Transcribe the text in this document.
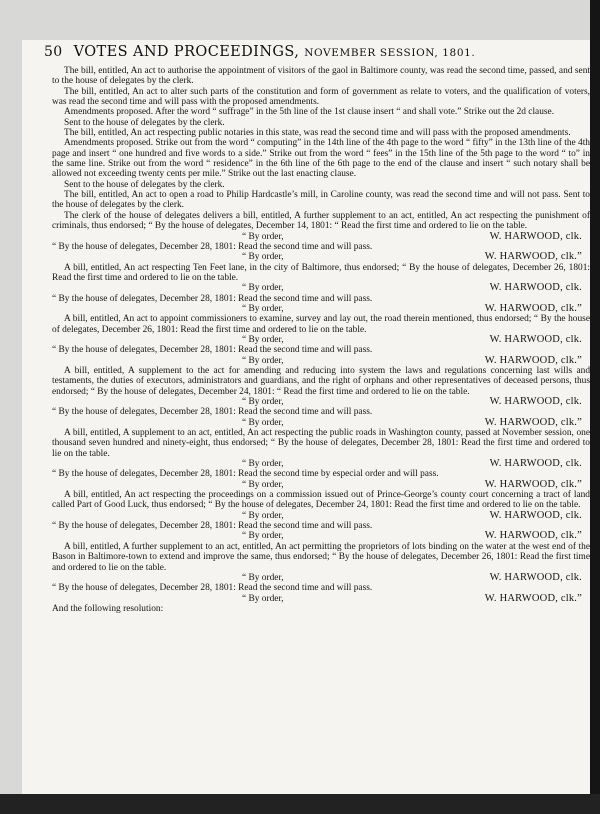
50 VOTES AND PROCEEDINGS, NOVEMBER SESSION, 1801.

The bill, entitled, An act to authorise the appointment of visitors of the gaol in Baltimore county, was read the second time, passed, and sent to the house of delegates by the clerk.

The bill, entitled, An act to alter such parts of the constitution and form of government as relate to voters, and the qualification of voters, was read the second time and will pass with the proposed amendments.

Amendments proposed. After the word “ suffrage” in the 5th line of the 1st clause insert “ and shall vote.” Strike out the 2d clause.

Sent to the house of delegates by the clerk.

The bill, entitled, An act respecting public notaries in this state, was read the second time and will pass with the proposed amendments.

Amendments proposed. Strike out from the word “ computing” in the 14th line of the 4th page to the word “ fifty” in the 13th line of the 4th page and insert “ one hundred and five words to a side.” Strike out from the word “ fees” in the 15th line of the 5th page to the word “ to” in the same line. Strike out from the word “ residence” in the 6th line of the 6th page to the end of the clause and insert “ such notary shall be allowed not exceeding twenty cents per mile.” Strike out the last enacting clause.

Sent to the house of delegates by the clerk.

The bill, entitled, An act to open a road to Philip Hardcastle’s mill, in Caroline county, was read the second time and will not pass. Sent to the house of delegates by the clerk.

The clerk of the house of delegates delivers a bill, entitled, A further supplement to an act, entitled, An act respecting the punishment of criminals, thus endorsed; “ By the house of delegates, December 14, 1801: “ Read the first time and ordered to lie on the table.

“ By order,	W. HARWOOD, clk.

“ By the house of delegates, December 28, 1801: Read the second time and will pass.

“ By order,	W. HARWOOD, clk.”

A bill, entitled, An act respecting Ten Feet lane, in the city of Baltimore, thus endorsed; “ By the house of delegates, December 26, 1801: Read the first time and ordered to lie on the table.

“ By order,	W. HARWOOD, clk.

“ By the house of delegates, December 28, 1801: Read the second time and will pass.

“ By order,	W. HARWOOD, clk.”

A bill, entitled, An act to appoint commissioners to examine, survey and lay out, the road therein mentioned, thus endorsed; “ By the house of delegates, December 26, 1801: Read the first time and ordered to lie on the table.

“ By order,	W. HARWOOD, clk.

“ By the house of delegates, December 28, 1801: Read the second time and will pass.

“ By order,	W. HARWOOD, clk.”

A bill, entitled, A supplement to the act for amending and reducing into system the laws and regulations concerning last wills and testaments, the duties of executors, administrators and guardians, and the right of orphans and other representatives of deceased persons, thus endorsed; “ By the house of delegates, December 24, 1801: “ Read the first time and ordered to lie on the table.

“ By order,	W. HARWOOD, clk.

“ By the house of delegates, December 28, 1801: Read the second time and will pass.

“ By order,	W. HARWOOD, clk.”

A bill, entitled, A supplement to an act, entitled, An act respecting the public roads in Washington county, passed at November session, one thousand seven hundred and ninety-eight, thus endorsed; “ By the house of delegates, December 28, 1801: Read the first time and ordered to lie on the table.

“ By order,	W. HARWOOD, clk.

“ By the house of delegates, December 28, 1801: Read the second time by especial order and will pass.

“ By order,	W. HARWOOD, clk.”

A bill, entitled, An act respecting the proceedings on a commission issued out of Prince-George’s county court concerning a tract of land called Part of Good Luck, thus endorsed; “ By the house of delegates, December 24, 1801: Read the first time and ordered to lie on the table.

“ By order,	W. HARWOOD, clk.

“ By the house of delegates, December 28, 1801: Read the second time and will pass.

“ By order,	W. HARWOOD, clk.”

A bill, entitled, A further supplement to an act, entitled, An act permitting the proprietors of lots binding on the water at the west end of the Bason in Baltimore-town to extend and improve the same, thus endorsed; “ By the house of delegates, December 26, 1801: Read the first time and ordered to lie on the table.

“ By order,	W. HARWOOD, clk.

“ By the house of delegates, December 28, 1801: Read the second time and will pass.

“ By order,	W. HARWOOD, clk.”

And the following resolution:
